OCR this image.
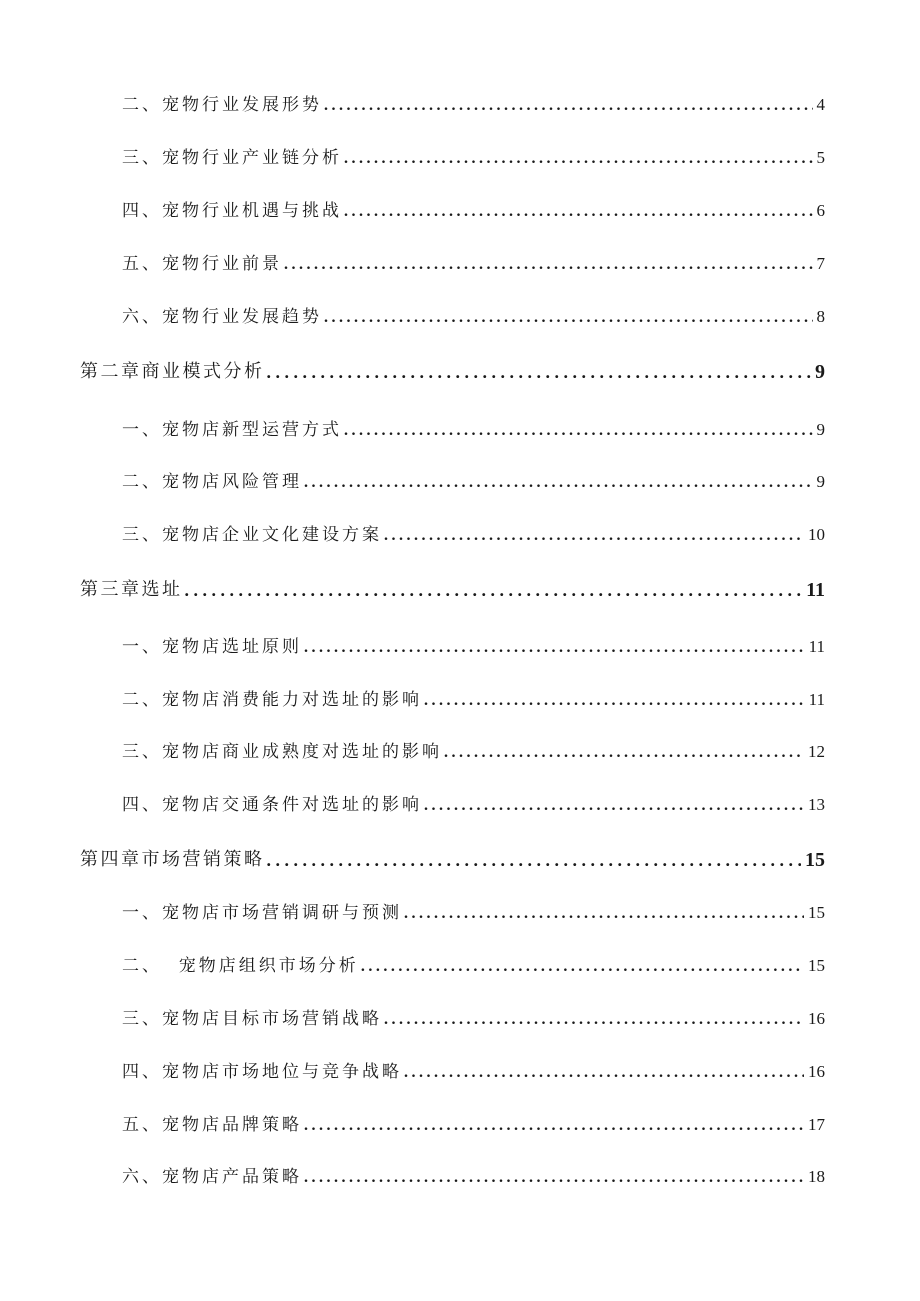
二、宠物行业发展形势 . . .	4
三、宠物行业产业链分析 . . .	5
四、宠物行业机遇与挑战 . . .	6
五、宠物行业前景 . . .	7
六、宠物行业发展趋势 . . .	8
第二章商业模式分析 . . .	9
一、宠物店新型运营方式 . . .	9
二、宠物店风险管理 . . .	9
三、宠物店企业文化建设方案 . . .	10
第三章选址 . . .	11
一、宠物店选址原则 . . .	11
二、宠物店消费能力对选址的影响 . . .	11
三、宠物店商业成熟度对选址的影响 . . .	12
四、宠物店交通条件对选址的影响 . . .	13
第四章市场营销策略 . . .	15
一、宠物店市场营销调研与预测 . . .	15
二、  宠物店组织市场分析 . . .	15
三、宠物店目标市场营销战略 . . .	16
四、宠物店市场地位与竞争战略 . . .	16
五、宠物店品牌策略 . . .	17
六、宠物店产品策略 . . .	18
